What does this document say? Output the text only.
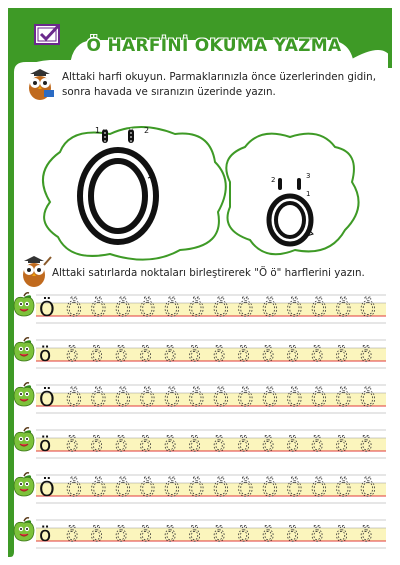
Ö HARFİNİ OKUMA YAZMA
Alttaki harfi okuyun. Parmaklarınızla önce üzerlerinden gidin, sonra havada ve sıranızın üzerinde yazın.
1	2
2	3
1
Alttaki satırlarda noktaları birleştirerek "Ö ö" harflerini yazın.
Ö Ö Ö Ö Ö Ö Ö Ö Ö Ö Ö Ö Ö Ö
ö ö ö ö ö ö ö ö ö ö ö ö ö ö
Ö Ö Ö Ö Ö Ö Ö Ö Ö Ö Ö Ö Ö Ö
ö ö ö ö ö ö ö ö ö ö ö ö ö ö
Ö Ö Ö Ö Ö Ö Ö Ö Ö Ö Ö Ö Ö Ö
ö ö ö ö ö ö ö ö ö ö ö ö ö ö
